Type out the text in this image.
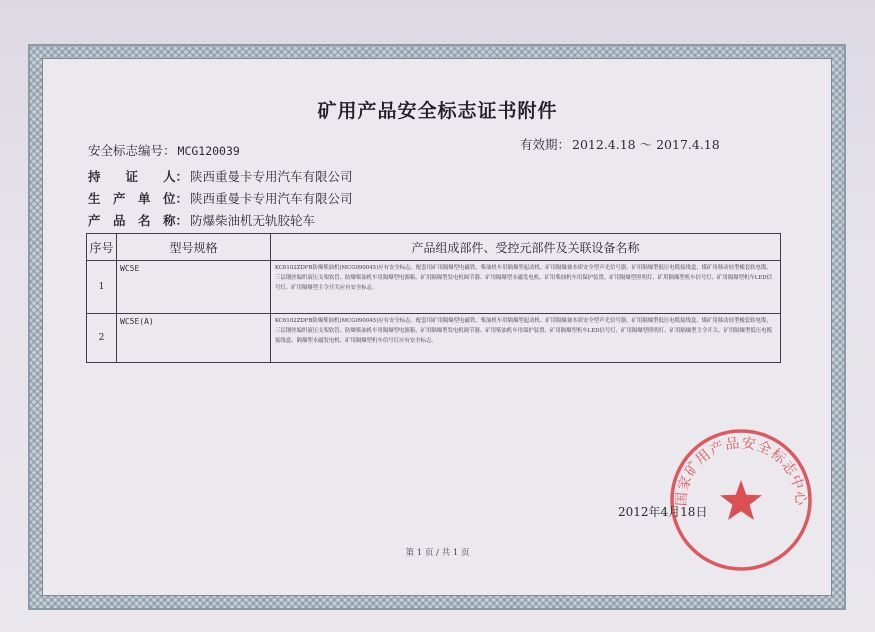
矿用产品安全标志证书附件
安全标志编号： MCG120039	有效期： 2012.4.18 ～ 2017.4.18
持　　证　　人： 陕西重曼卡专用汽车有限公司
生　产　单　位： 陕西重曼卡专用汽车有限公司
产　品　名　称： 防爆柴油机无轨胶轮车
序号	型号规格	产品组成部件、受控元部件及关联设备名称
1	WC5E	KC6102ZDFB防爆柴油机(MCG090045)应有安全标志。配套用矿用隔爆型电磁铁、柴油机车用隔爆型起动机、矿用隔爆兼本质安全型声光信号器、矿用隔爆型低压电缆接线盒、煤矿用移动轻型橡套软电缆、三层钢丝编织液压支架软管、防爆柴油机车用隔爆型电源箱、矿用隔爆型发电机调节器、矿用隔爆型永磁发电机、矿用柴油机车用保护装置、矿用隔爆型照明灯、矿用隔爆型机车信号灯、矿用隔爆型机车LED信号灯、矿用隔爆型主令开关应有安全标志。
2	WC5E(A)	KC6102ZDFB防爆柴油机(MCG090045)应有安全标志。配套用矿用隔爆型电磁铁、柴油机车用隔爆型起动机、矿用隔爆兼本质安全型声光信号器、矿用隔爆型低压电缆接线盒、煤矿用移动轻型橡套软电缆、三层钢丝编织液压支架软管、防爆柴油机车用隔爆型电源箱、矿用隔爆型发电机调节器、矿用柴油机车用保护装置、矿用隔爆型机车LED信号灯、矿用隔爆型照明灯、矿用隔爆型主令开关、矿用隔爆型低压电缆接线盒、隔爆型永磁发电机、矿用隔爆型机车信号灯应有安全标志。
国家矿用产品安全标志中心
2012年4月18日
第 1 页 / 共 1 页
